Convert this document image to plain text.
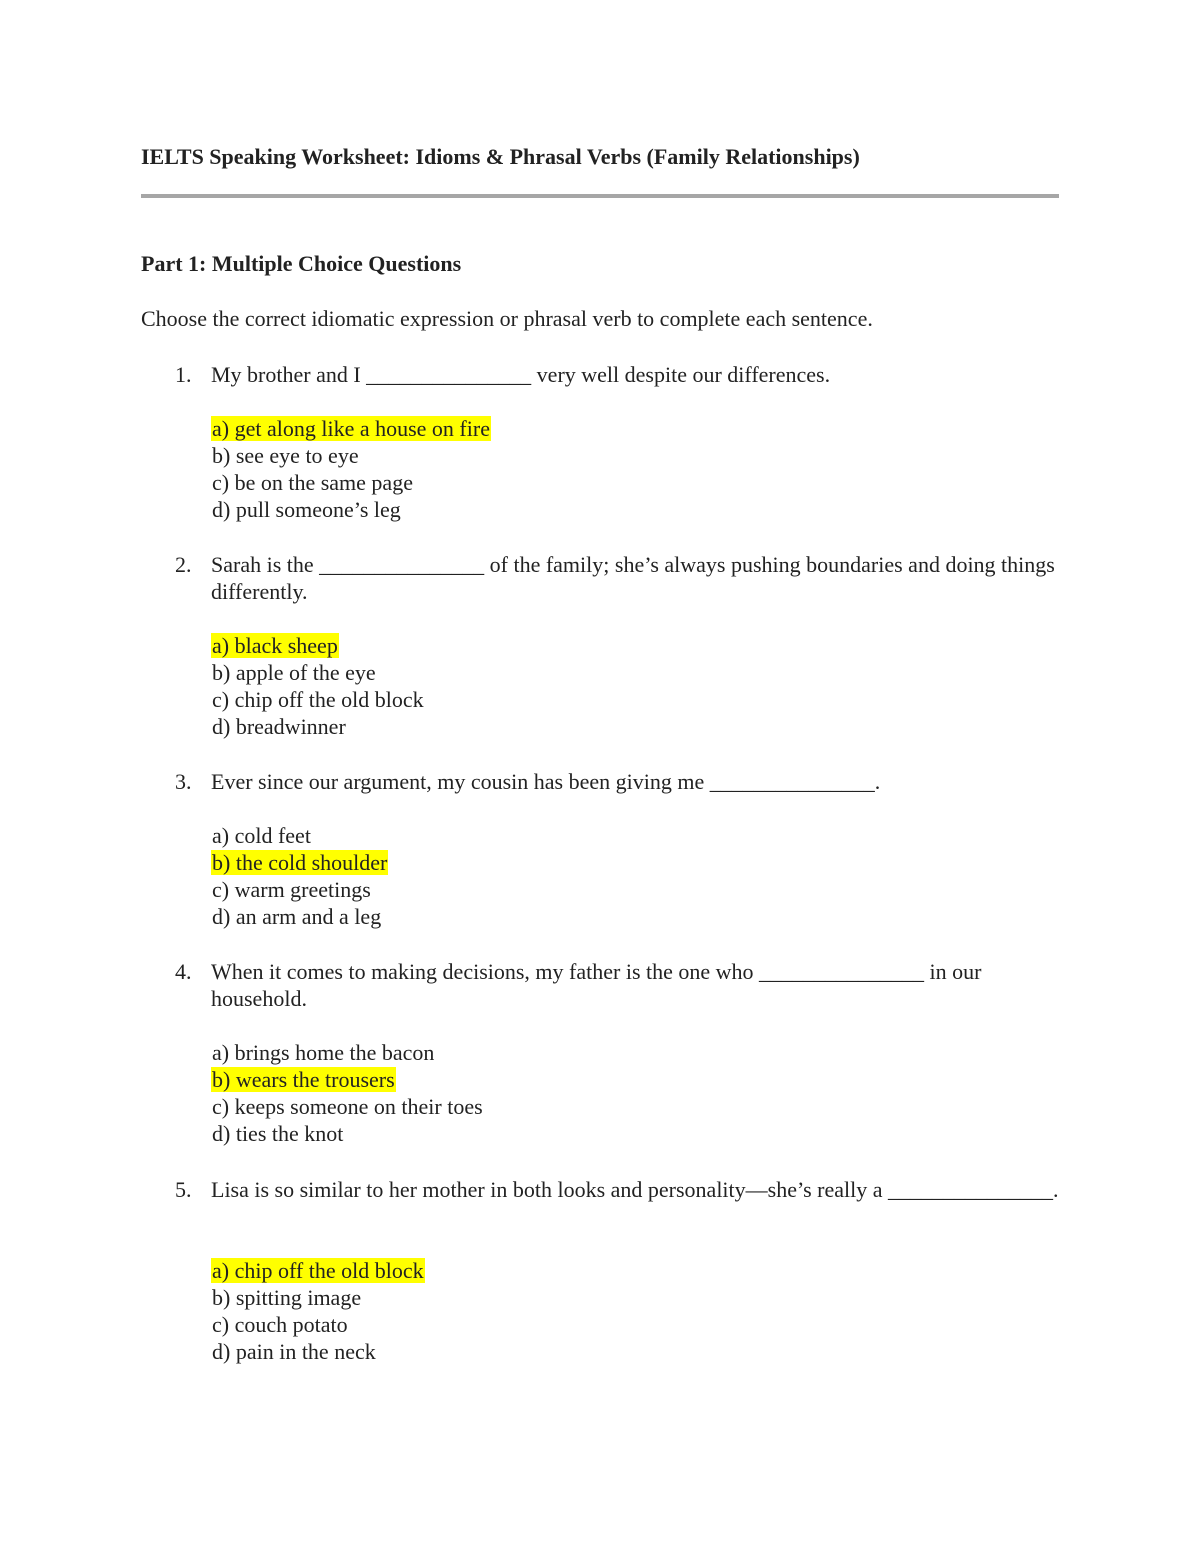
IELTS Speaking Worksheet: Idioms & Phrasal Verbs (Family Relationships)
Part 1: Multiple Choice Questions
Choose the correct idiomatic expression or phrasal verb to complete each sentence.
1. My brother and I _______________ very well despite our differences.
a) get along like a house on fire
b) see eye to eye
c) be on the same page
d) pull someone’s leg
2. Sarah is the _______________ of the family; she’s always pushing boundaries and doing things differently.
a) black sheep
b) apple of the eye
c) chip off the old block
d) breadwinner
3. Ever since our argument, my cousin has been giving me _______________.
a) cold feet
b) the cold shoulder
c) warm greetings
d) an arm and a leg
4. When it comes to making decisions, my father is the one who _______________ in our household.
a) brings home the bacon
b) wears the trousers
c) keeps someone on their toes
d) ties the knot
5. Lisa is so similar to her mother in both looks and personality—she’s really a _______________.
a) chip off the old block
b) spitting image
c) couch potato
d) pain in the neck
